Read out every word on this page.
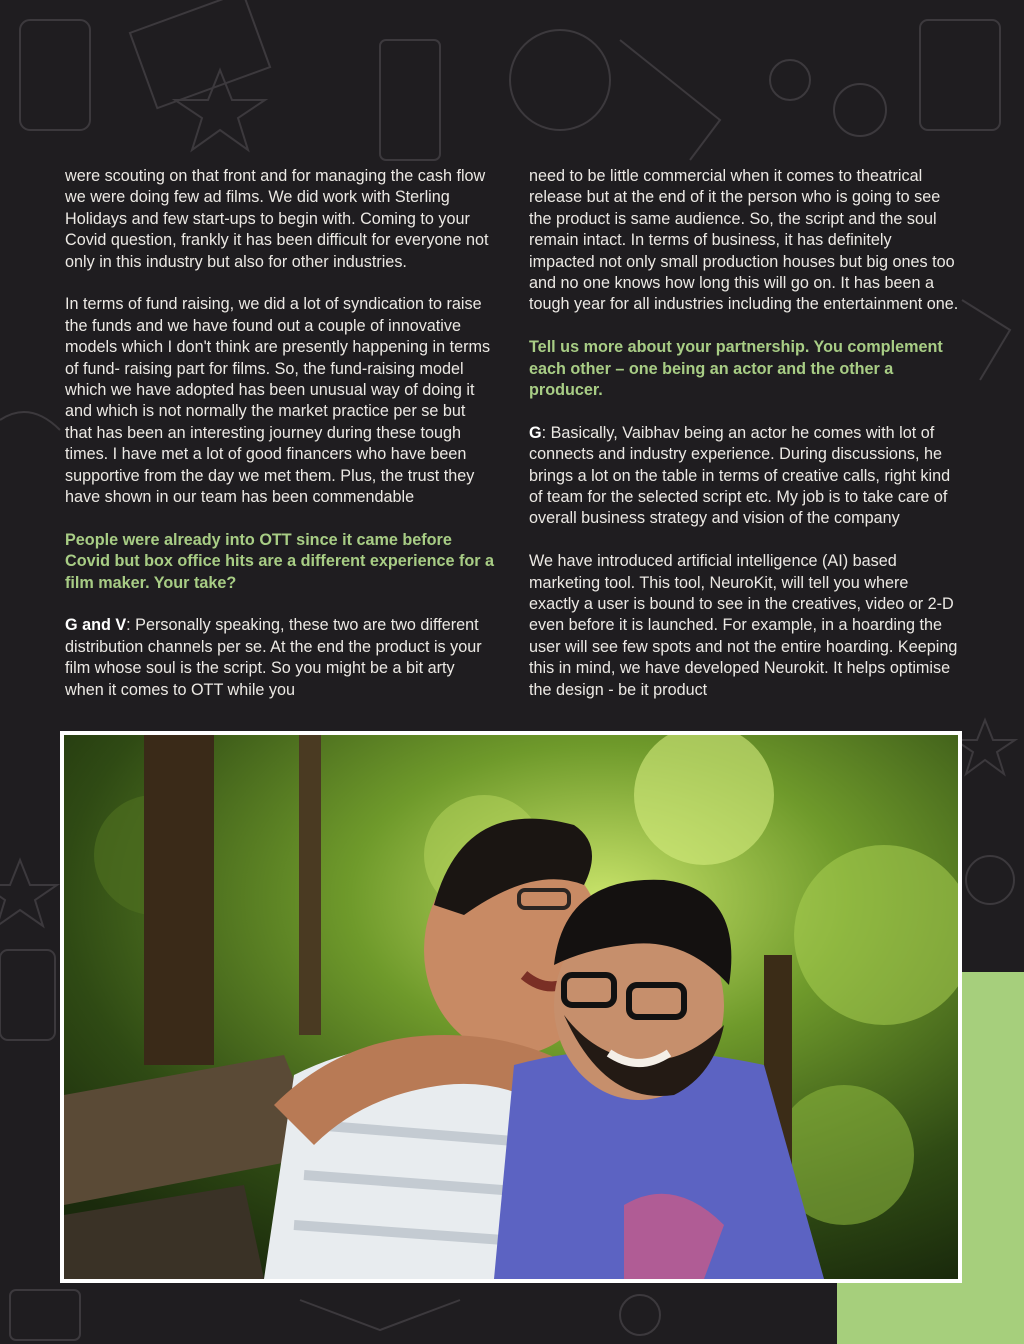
were scouting on that front and for managing the cash flow we were doing few ad films. We did work with Sterling Holidays and few start-ups to begin with. Coming to your Covid question, frankly it has been difficult for everyone not only in this industry but also for other industries.

In terms of fund raising, we did a lot of syndication to raise the funds and we have found out a couple of innovative models which I don't think are presently happening in terms of fund- raising part for films. So, the fund-raising model which we have adopted has been unusual way of doing it and which is not normally the market practice per se but that has been an interesting journey during these tough times. I have met a lot of good financers who have been supportive from the day we met them. Plus, the trust they have shown in our team has been commendable

People were already into OTT since it came before Covid but box office hits are a different experience for a film maker. Your take?

G and V: Personally speaking, these two are two different distribution channels per se. At the end the product is your film whose soul is the script. So you might be a bit arty when it comes to OTT while you

need to be little commercial when it comes to theatrical release but at the end of it the person who is going to see the product is same audience. So, the script and the soul remain intact. In terms of business, it has definitely impacted not only small production houses but big ones too and no one knows how long this will go on. It has been a tough year for all industries including the entertainment one.

Tell us more about your partnership. You complement each other – one being an actor and the other a producer.

G: Basically, Vaibhav being an actor he comes with lot of connects and industry experience. During discussions, he brings a lot on the table in terms of creative calls, right kind of team for the selected script etc. My job is to take care of overall business strategy and vision of the company

We have introduced artificial intelligence (AI) based marketing tool. This tool, NeuroKit, will tell you where exactly a user is bound to see in the creatives, video or 2-D even before it is launched. For example, in a hoarding the user will see few spots and not the entire hoarding. Keeping this in mind, we have developed Neurokit. It helps optimise the design - be it product
